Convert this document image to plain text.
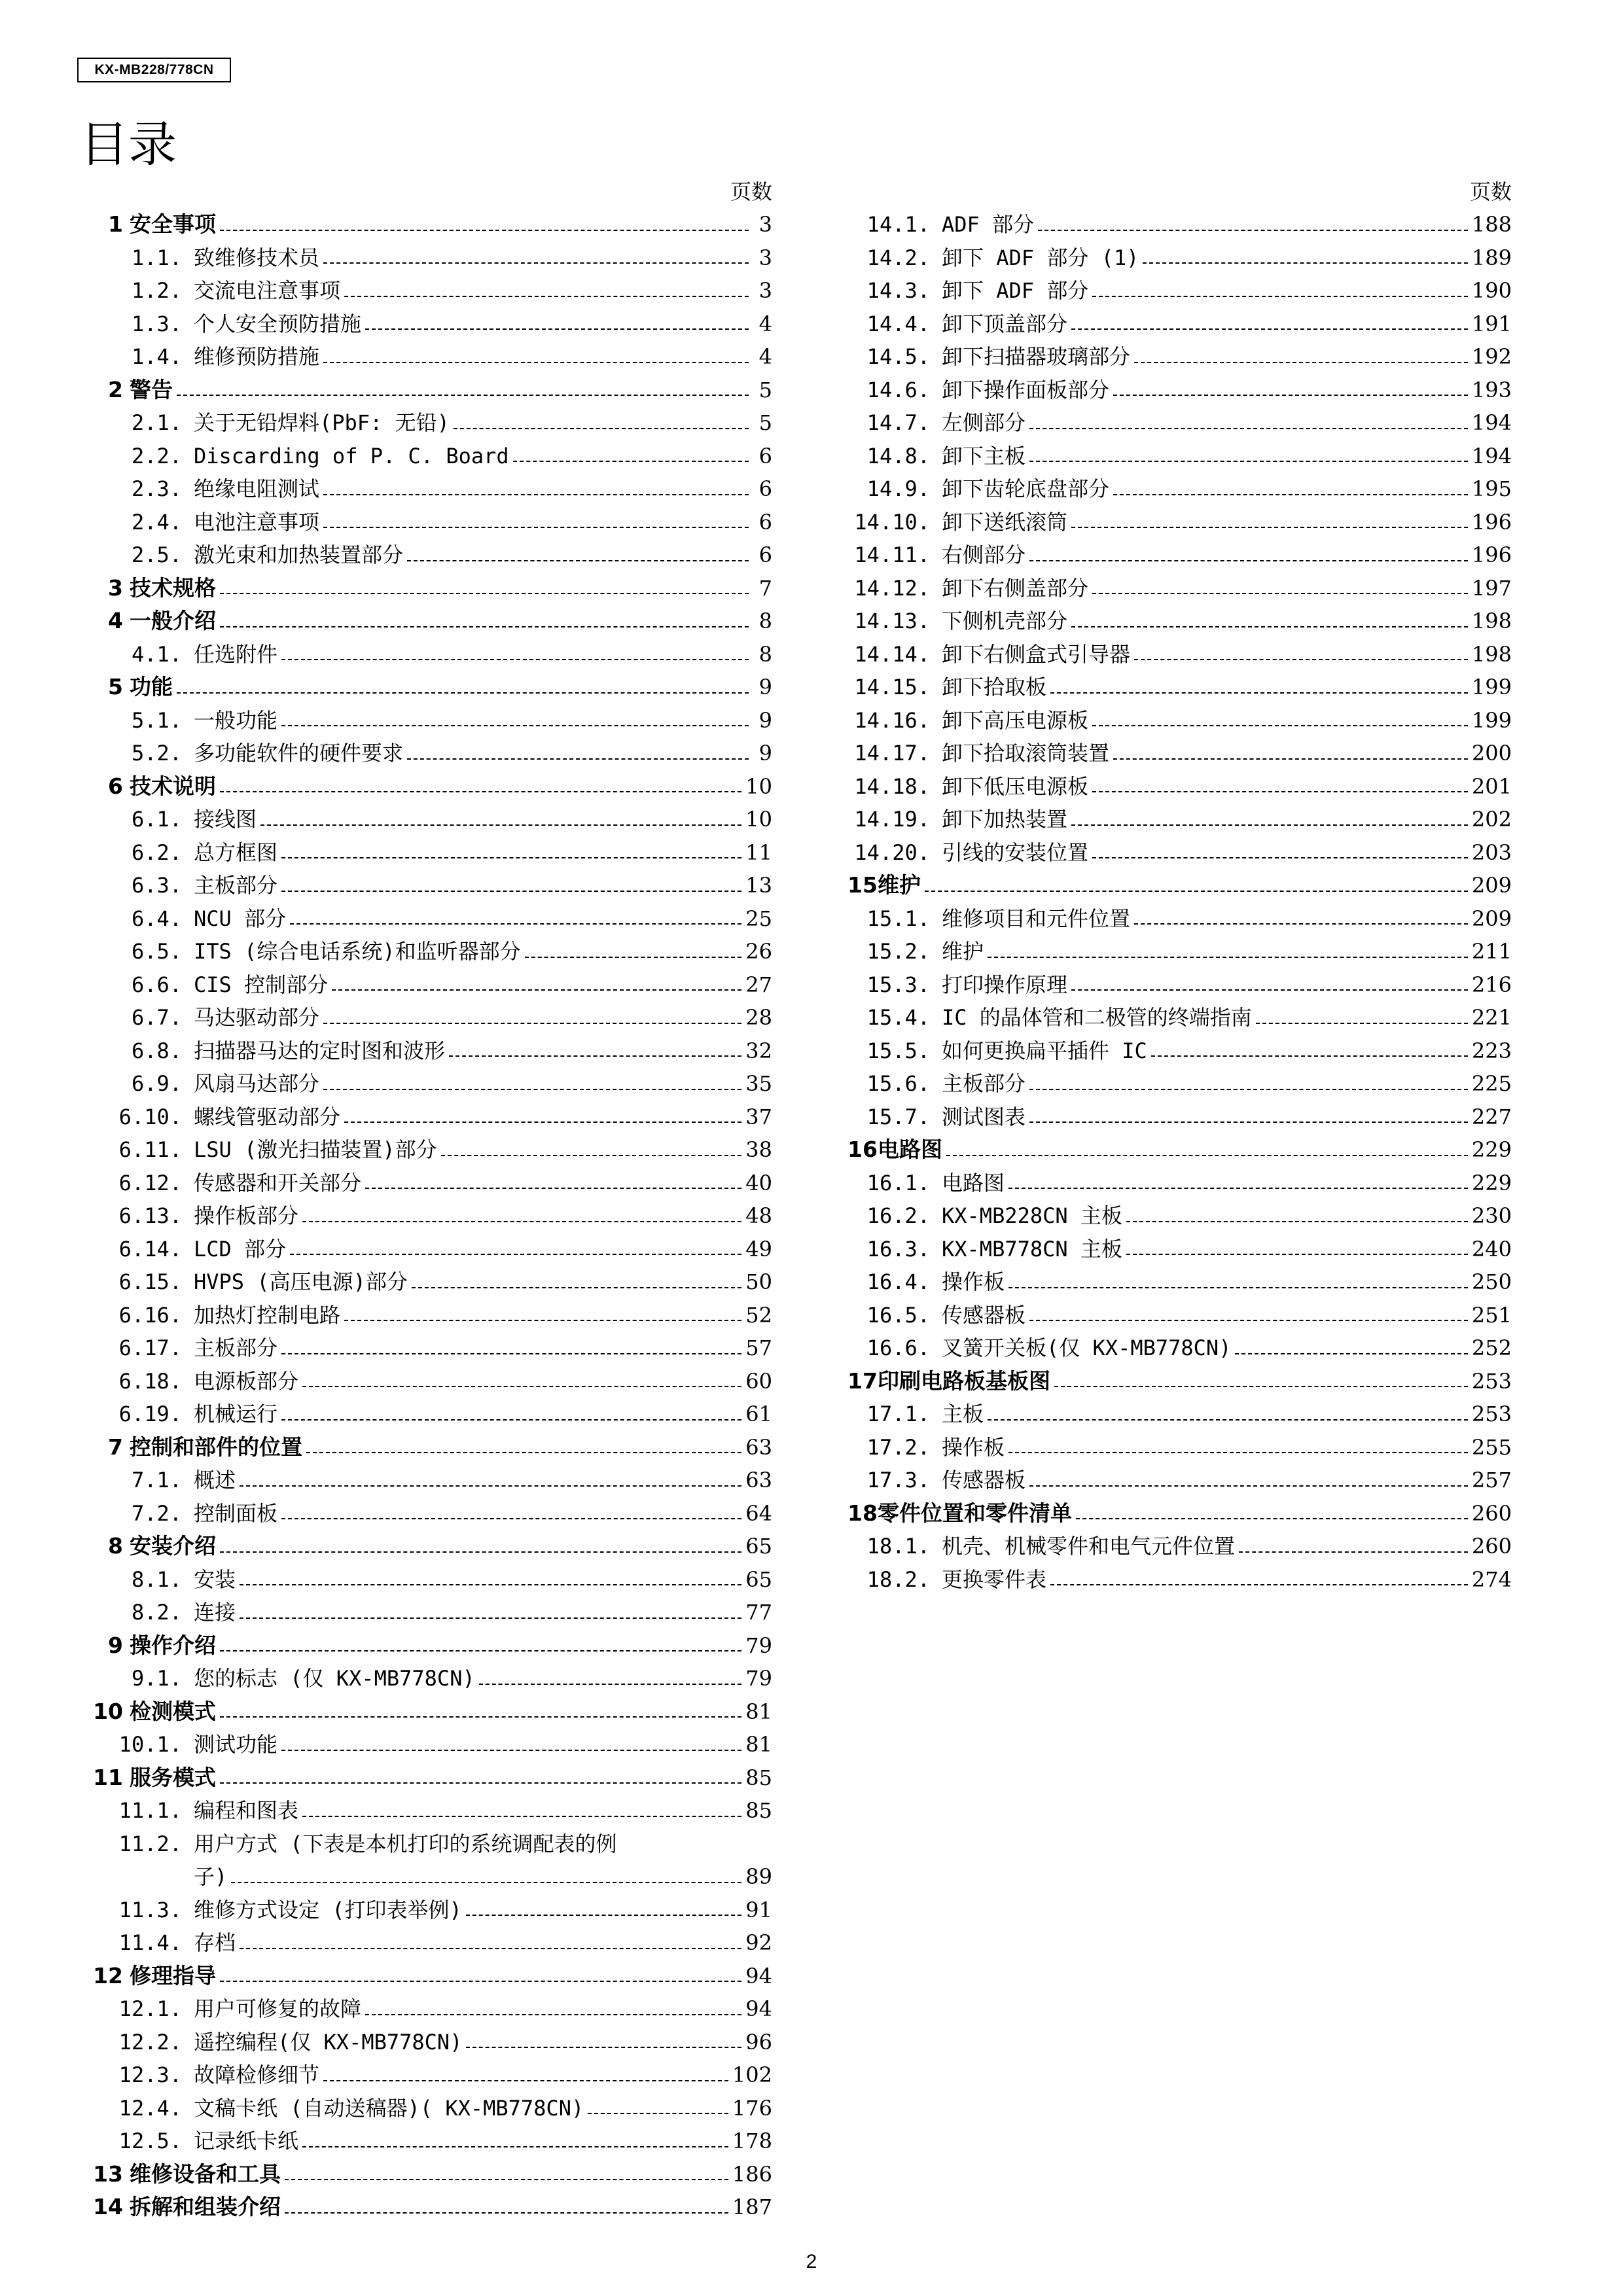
KX-MB228/778CN
目录
页数
1 安全事项	3
1.1. 致维修技术员	3
1.2. 交流电注意事项	3
1.3. 个人安全预防措施	4
1.4. 维修预防措施	4
2 警告	5
2.1. 关于无铅焊料(PbF: 无铅)	5
2.2. Discarding of P. C. Board	6
2.3. 绝缘电阻测试	6
2.4. 电池注意事项	6
2.5. 激光束和加热装置部分	6
3 技术规格	7
4 一般介绍	8
4.1. 任选附件	8
5 功能	9
5.1. 一般功能	9
5.2. 多功能软件的硬件要求	9
6 技术说明	10
6.1. 接线图	10
6.2. 总方框图	11
6.3. 主板部分	13
6.4. NCU 部分	25
6.5. ITS (综合电话系统)和监听器部分	26
6.6. CIS 控制部分	27
6.7. 马达驱动部分	28
6.8. 扫描器马达的定时图和波形	32
6.9. 风扇马达部分	35
6.10. 螺线管驱动部分	37
6.11. LSU (激光扫描装置)部分	38
6.12. 传感器和开关部分	40
6.13. 操作板部分	48
6.14. LCD 部分	49
6.15. HVPS (高压电源)部分	50
6.16. 加热灯控制电路	52
6.17. 主板部分	57
6.18. 电源板部分	60
6.19. 机械运行	61
7 控制和部件的位置	63
7.1. 概述	63
7.2. 控制面板	64
8 安装介绍	65
8.1. 安装	65
8.2. 连接	77
9 操作介绍	79
9.1. 您的标志 (仅 KX-MB778CN)	79
10 检测模式	81
10.1. 测试功能	81
11 服务模式	85
11.1. 编程和图表	85
11.2. 用户方式 (下表是本机打印的系统调配表的例
子)	89
11.3. 维修方式设定 (打印表举例)	91
11.4. 存档	92
12 修理指导	94
12.1. 用户可修复的故障	94
12.2. 遥控编程(仅 KX-MB778CN)	96
12.3. 故障检修细节	102
12.4. 文稿卡纸 (自动送稿器)( KX-MB778CN)	176
12.5. 记录纸卡纸	178
13 维修设备和工具	186
14 拆解和组装介绍	187
页数
14.1. ADF 部分	188
14.2. 卸下 ADF 部分 (1)	189
14.3. 卸下 ADF 部分	190
14.4. 卸下顶盖部分	191
14.5. 卸下扫描器玻璃部分	192
14.6. 卸下操作面板部分	193
14.7. 左侧部分	194
14.8. 卸下主板	194
14.9. 卸下齿轮底盘部分	195
14.10. 卸下送纸滚筒	196
14.11. 右侧部分	196
14.12. 卸下右侧盖部分	197
14.13. 下侧机壳部分	198
14.14. 卸下右侧盒式引导器	198
14.15. 卸下拾取板	199
14.16. 卸下高压电源板	199
14.17. 卸下拾取滚筒装置	200
14.18. 卸下低压电源板	201
14.19. 卸下加热装置	202
14.20. 引线的安装位置	203
15 维护	209
15.1. 维修项目和元件位置	209
15.2. 维护	211
15.3. 打印操作原理	216
15.4. IC 的晶体管和二极管的终端指南	221
15.5. 如何更换扁平插件 IC	223
15.6. 主板部分	225
15.7. 测试图表	227
16 电路图	229
16.1. 电路图	229
16.2. KX-MB228CN 主板	230
16.3. KX-MB778CN 主板	240
16.4. 操作板	250
16.5. 传感器板	251
16.6. 叉簧开关板(仅 KX-MB778CN)	252
17 印刷电路板基板图	253
17.1. 主板	253
17.2. 操作板	255
17.3. 传感器板	257
18 零件位置和零件清单	260
18.1. 机壳、机械零件和电气元件位置	260
18.2. 更换零件表	274
2
